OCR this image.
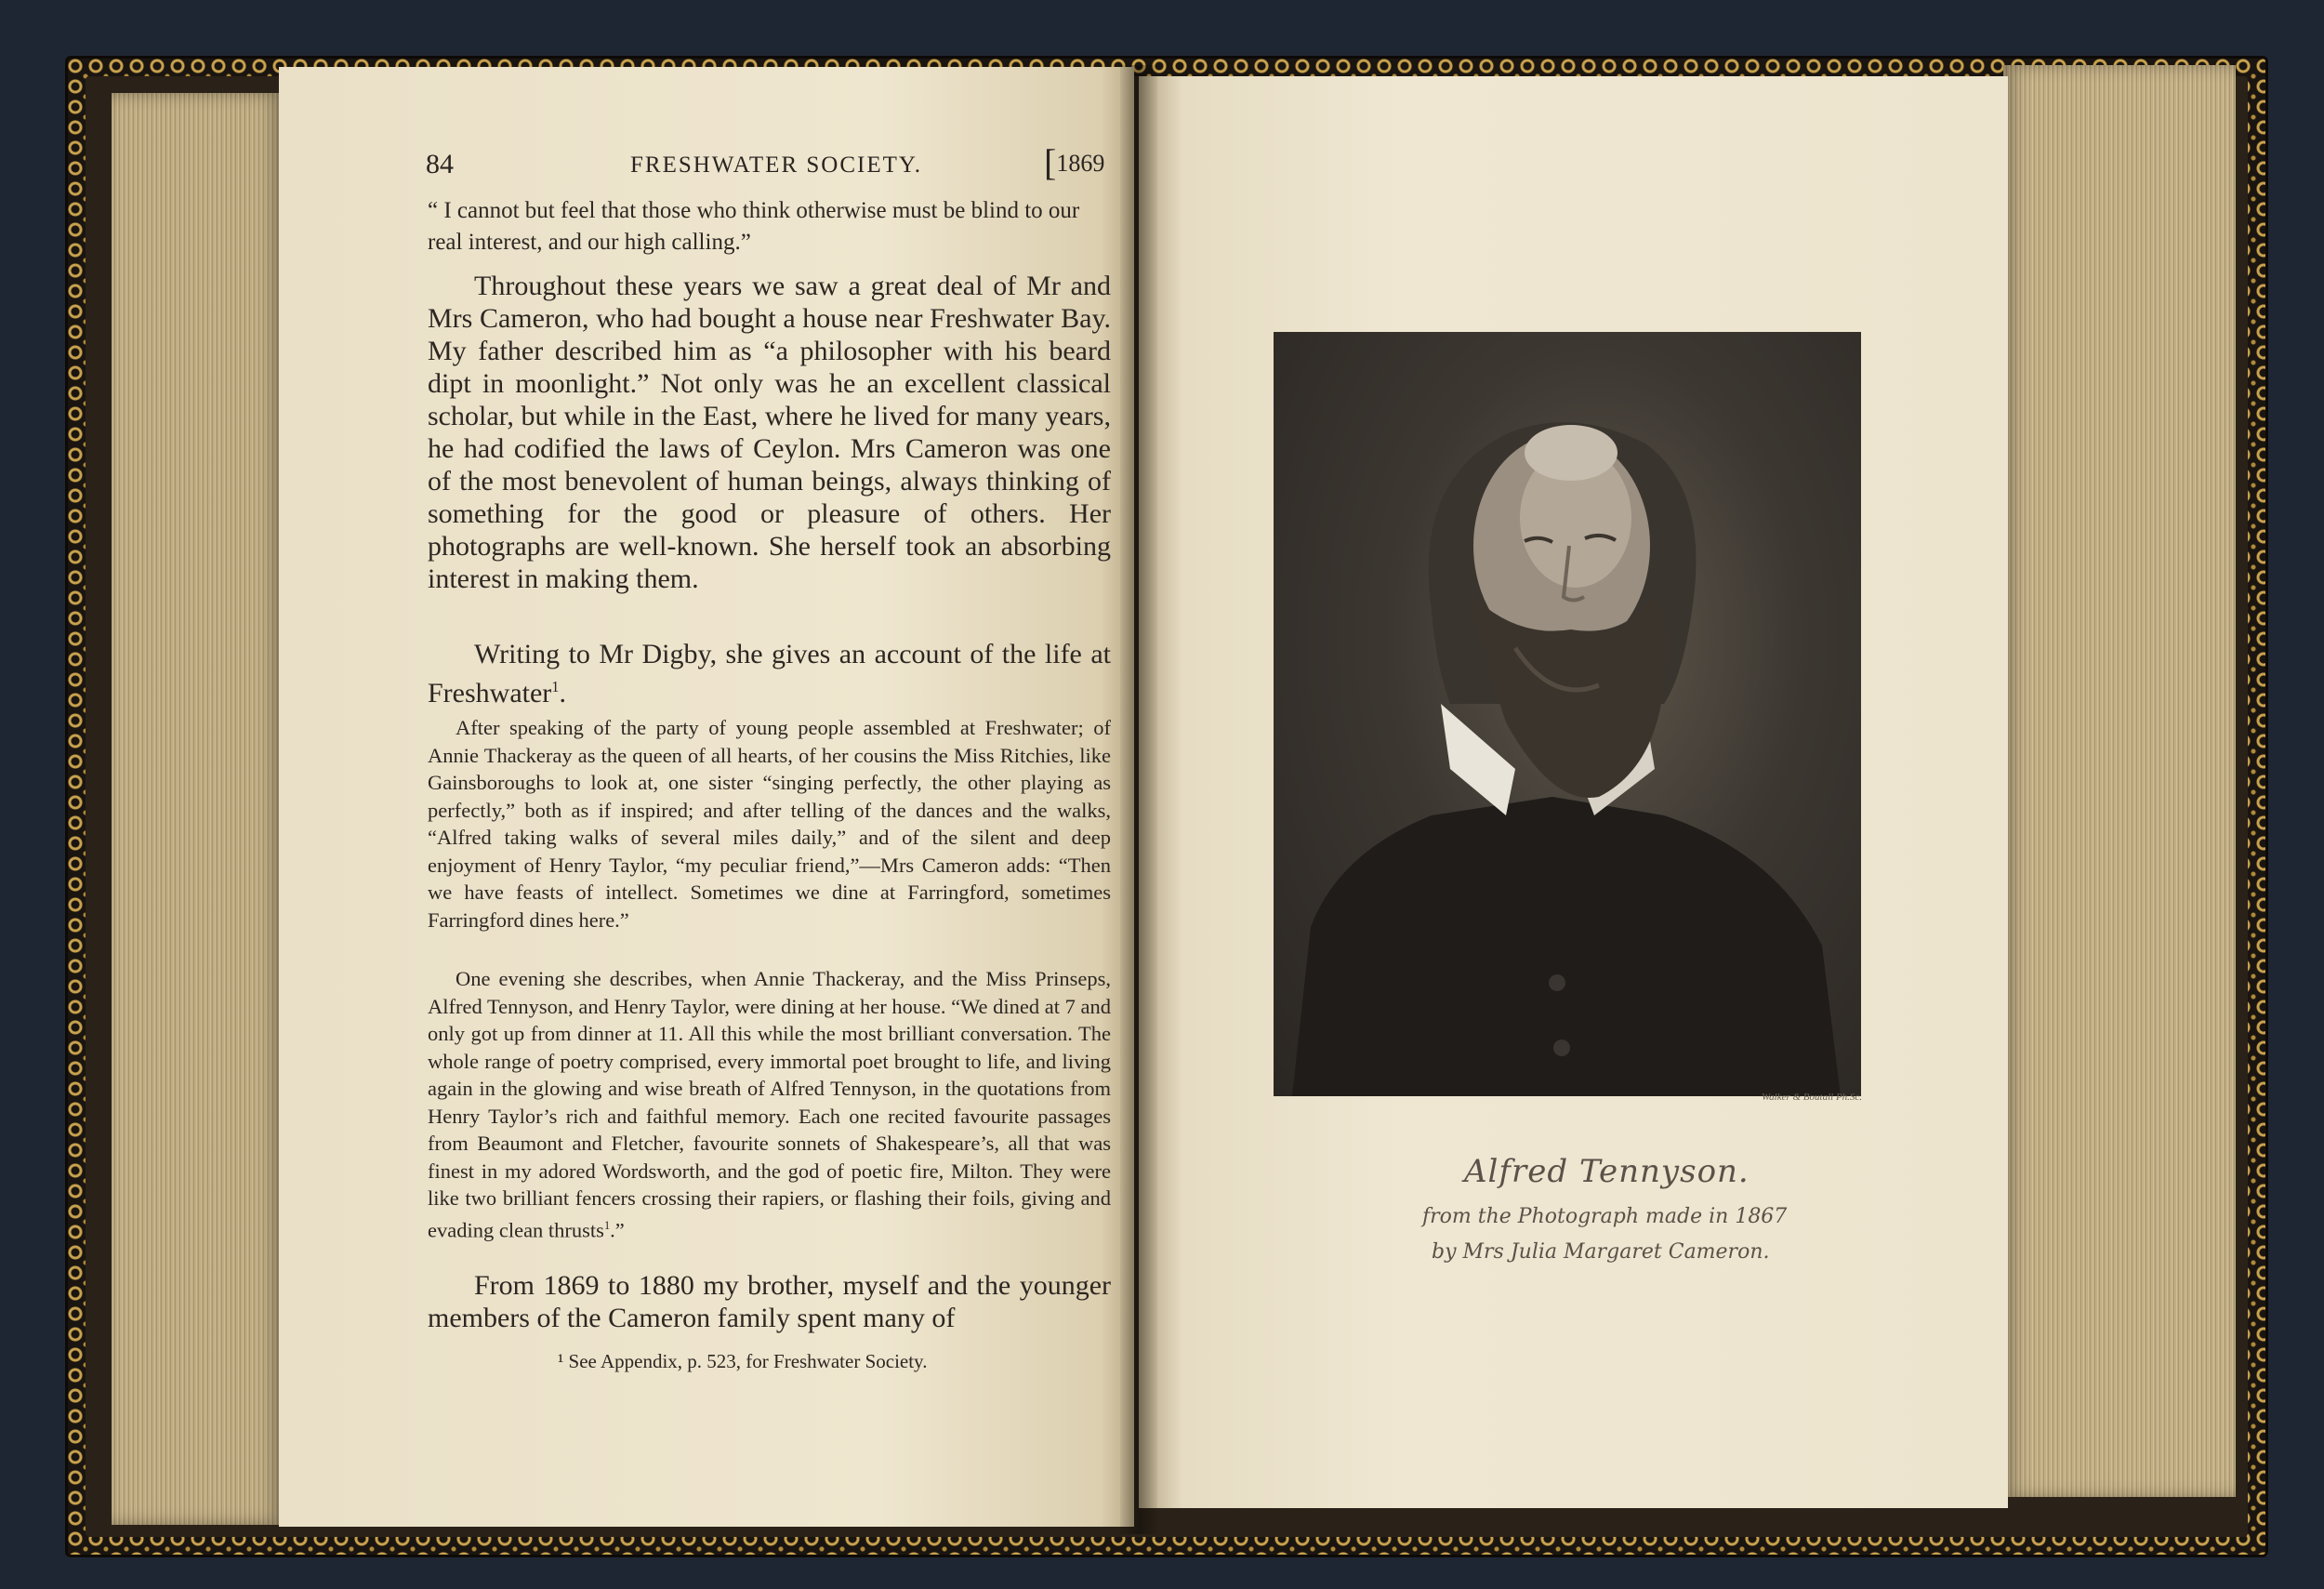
84	FRESHWATER SOCIETY.	[1869
“ I cannot but feel that those who think otherwise must be blind to our real interest, and our high calling.”

Throughout these years we saw a great deal of Mr and Mrs Cameron, who had bought a house near Freshwater Bay. My father described him as “a philosopher with his beard dipt in moonlight.” Not only was he an excellent classical scholar, but while in the East, where he lived for many years, he had codified the laws of Ceylon. Mrs Cameron was one of the most benevolent of human beings, always thinking of something for the good or pleasure of others. Her photographs are well-known. She herself took an absorbing interest in making them.

Writing to Mr Digby, she gives an account of the life at Freshwater$^1$.

After speaking of the party of young people assembled at Freshwater; of Annie Thackeray as the queen of all hearts, of her cousins the Miss Ritchies, like Gainsboroughs to look at, one sister “singing perfectly, the other playing as perfectly,” both as if inspired; and after telling of the dances and the walks, “Alfred taking walks of several miles daily,” and of the silent and deep enjoyment of Henry Taylor, “my peculiar friend,”—Mrs Cameron adds: “Then we have feasts of intellect. Sometimes we dine at Farringford, sometimes Farringford dines here.”

One evening she describes, when Annie Thackeray, and the Miss Prinseps, Alfred Tennyson, and Henry Taylor, were dining at her house. “We dined at 7 and only got up from dinner at 11. All this while the most brilliant conversation. The whole range of poetry comprised, every immortal poet brought to life, and living again in the glowing and wise breath of Alfred Tennyson, in the quotations from Henry Taylor’s rich and faithful memory. Each one recited favourite passages from Beaumont and Fletcher, favourite sonnets of Shakespeare’s, all that was finest in my adored Wordsworth, and the god of poetic fire, Milton. They were like two brilliant fencers crossing their rapiers, or flashing their foils, giving and evading clean thrusts$^1$.”

From 1869 to 1880 my brother, myself and the younger members of the Cameron family spent many of

¹ See Appendix, p. 523, for Freshwater Society.
Walker & Boutall Ph.Sc.
Alfred Tennyson.
from the Photograph made in 1867
by Mrs Julia Margaret Cameron.
